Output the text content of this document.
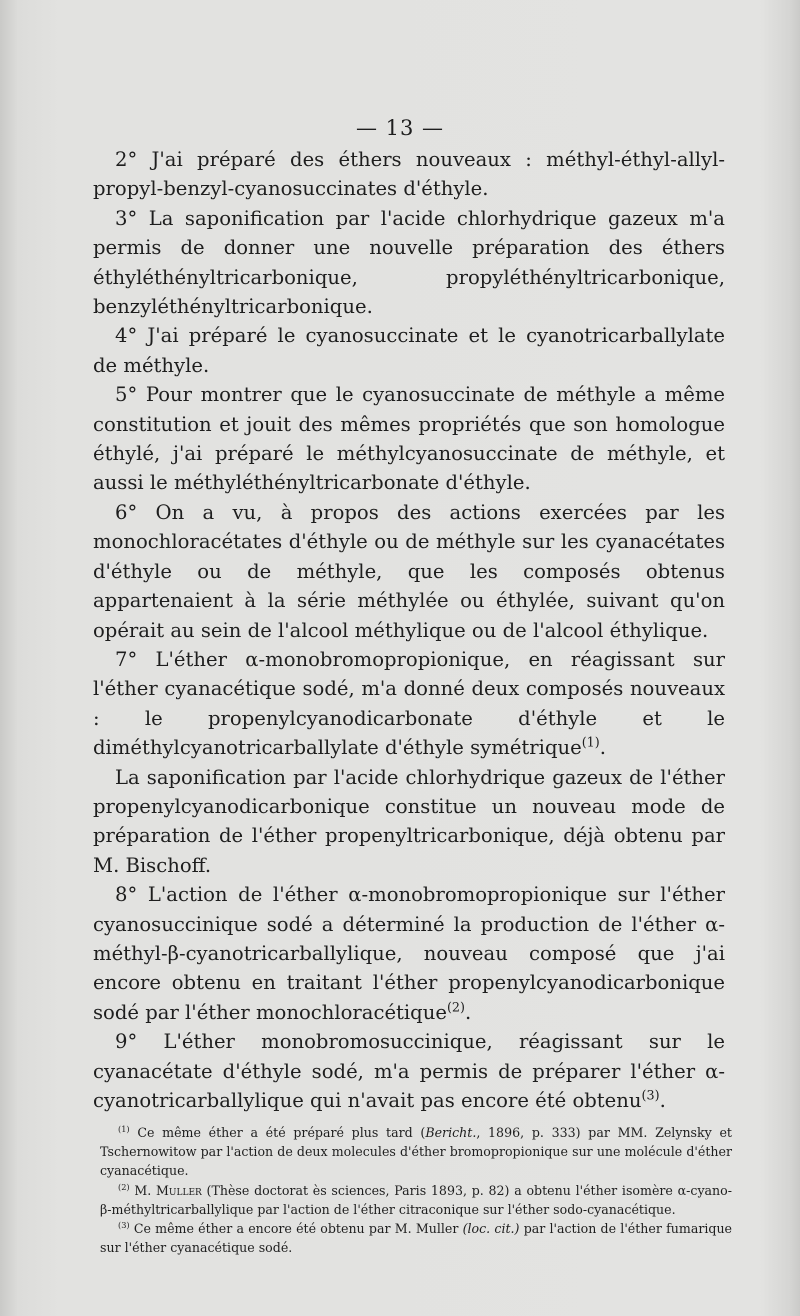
— 13 —

2° J'ai préparé des éthers nouveaux : méthyl-éthyl-allyl-propyl-benzyl-cyanosuccinates d'éthyle.

3° La saponification par l'acide chlorhydrique gazeux m'a permis de donner une nouvelle préparation des éthers éthyléthényltricarbonique, propyléthényltricarbonique, benzyléthényltricarbonique.

4° J'ai préparé le cyanosuccinate et le cyanotricarballylate de méthyle.

5° Pour montrer que le cyanosuccinate de méthyle a même constitution et jouit des mêmes propriétés que son homologue éthylé, j'ai préparé le méthylcyanosuccinate de méthyle, et aussi le méthyléthényltricarbonate d'éthyle.

6° On a vu, à propos des actions exercées par les monochloracétates d'éthyle ou de méthyle sur les cyanacétates d'éthyle ou de méthyle, que les composés obtenus appartenaient à la série méthylée ou éthylée, suivant qu'on opérait au sein de l'alcool méthylique ou de l'alcool éthylique.

7° L'éther α-monobromopropionique, en réagissant sur l'éther cyanacétique sodé, m'a donné deux composés nouveaux : le propenylcyanodicarbonate d'éthyle et le diméthylcyanotricarballylate d'éthyle symétrique$^{(1)}$.

La saponification par l'acide chlorhydrique gazeux de l'éther propenylcyanodicarbonique constitue un nouveau mode de préparation de l'éther propenyltricarbonique, déjà obtenu par M. Bischoff.

8° L'action de l'éther α-monobromopropionique sur l'éther cyanosuccinique sodé a déterminé la production de l'éther α-méthyl-β-cyanotricarballylique, nouveau composé que j'ai encore obtenu en traitant l'éther propenylcyanodicarbonique sodé par l'éther monochloracétique$^{(2)}$.

9° L'éther monobromosuccinique, réagissant sur le cyanacétate d'éthyle sodé, m'a permis de préparer l'éther α-cyanotricarballylique qui n'avait pas encore été obtenu$^{(3)}$.

$^{(1)}$ Ce même éther a été préparé plus tard (Bericht., 1896, p. 333) par MM. Zelynsky et Tschernowitow par l'action de deux molecules d'éther bromopropionique sur une molécule d'éther cyanacétique.

$^{(2)}$ M. Muller (Thèse doctorat ès sciences, Paris 1893, p. 82) a obtenu l'éther isomère α-cyano-β-méthyltricarballylique par l'action de l'éther citraconique sur l'éther sodo-cyanacétique.

$^{(3)}$ Ce même éther a encore été obtenu par M. Muller (loc. cit.) par l'action de l'éther fumarique sur l'éther cyanacétique sodé.
